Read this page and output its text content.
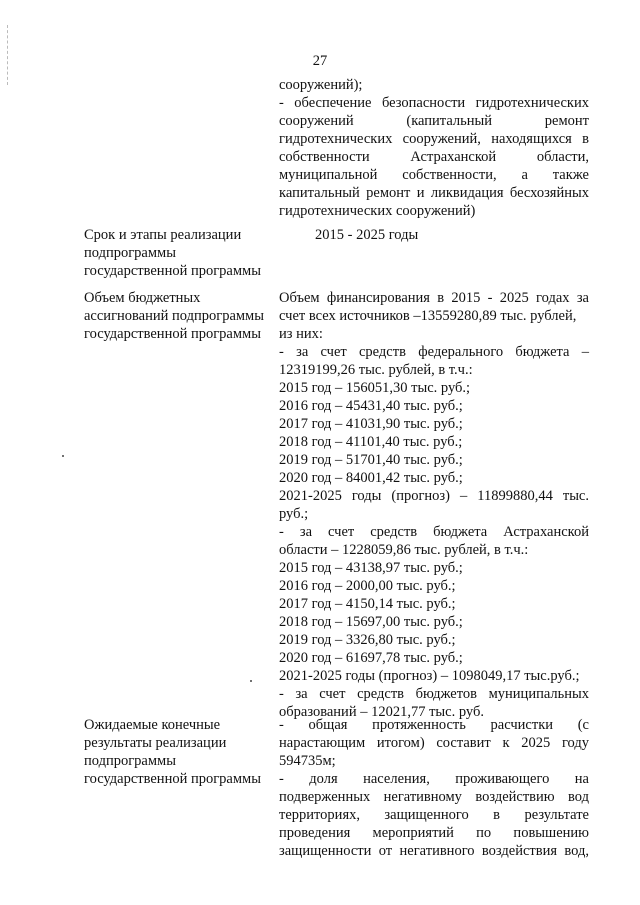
27
сооружений);
- обеспечение безопасности гидротехнических
сооружений (капитальный ремонт
гидротехнических сооружений, находящихся в
собственности Астраханской области,
муниципальной собственности, а также
капитальный ремонт и ликвидация бесхозяйных
гидротехнических сооружений)
Срок и этапы реализации
подпрограммы
государственной программы
2015 - 2025 годы
Объем бюджетных
ассигнований подпрограммы
государственной программы
Объем финансирования в 2015 - 2025 годах за
счет всех источников –13559280,89 тыс. рублей,
из них:
- за счет средств федерального бюджета –
12319199,26 тыс. рублей, в т.ч.:
2015 год – 156051,30 тыс. руб.;
2016 год – 45431,40 тыс. руб.;
2017 год – 41031,90 тыс. руб.;
2018 год – 41101,40 тыс. руб.;
2019 год – 51701,40 тыс. руб.;
2020 год – 84001,42 тыс. руб.;
2021-2025 годы (прогноз) – 11899880,44 тыс.
руб.;
- за счет средств бюджета Астраханской
области – 1228059,86 тыс. рублей, в т.ч.:
2015 год – 43138,97 тыс. руб.;
2016 год – 2000,00 тыс. руб.;
2017 год – 4150,14 тыс. руб.;
2018 год – 15697,00 тыс. руб.;
2019 год – 3326,80 тыс. руб.;
2020 год – 61697,78 тыс. руб.;
2021-2025 годы (прогноз) – 1098049,17 тыс.руб.;
- за счет средств бюджетов муниципальных
образований – 12021,77 тыс. руб.
Ожидаемые конечные
результаты реализации
подпрограммы
государственной программы
- общая протяженность расчистки (с
нарастающим итогом) составит к 2025 году
594735м;
- доля населения, проживающего на
подверженных негативному воздействию вод
территориях, защищенного в результате
проведения мероприятий по повышению
защищенности от негативного воздействия вод,
